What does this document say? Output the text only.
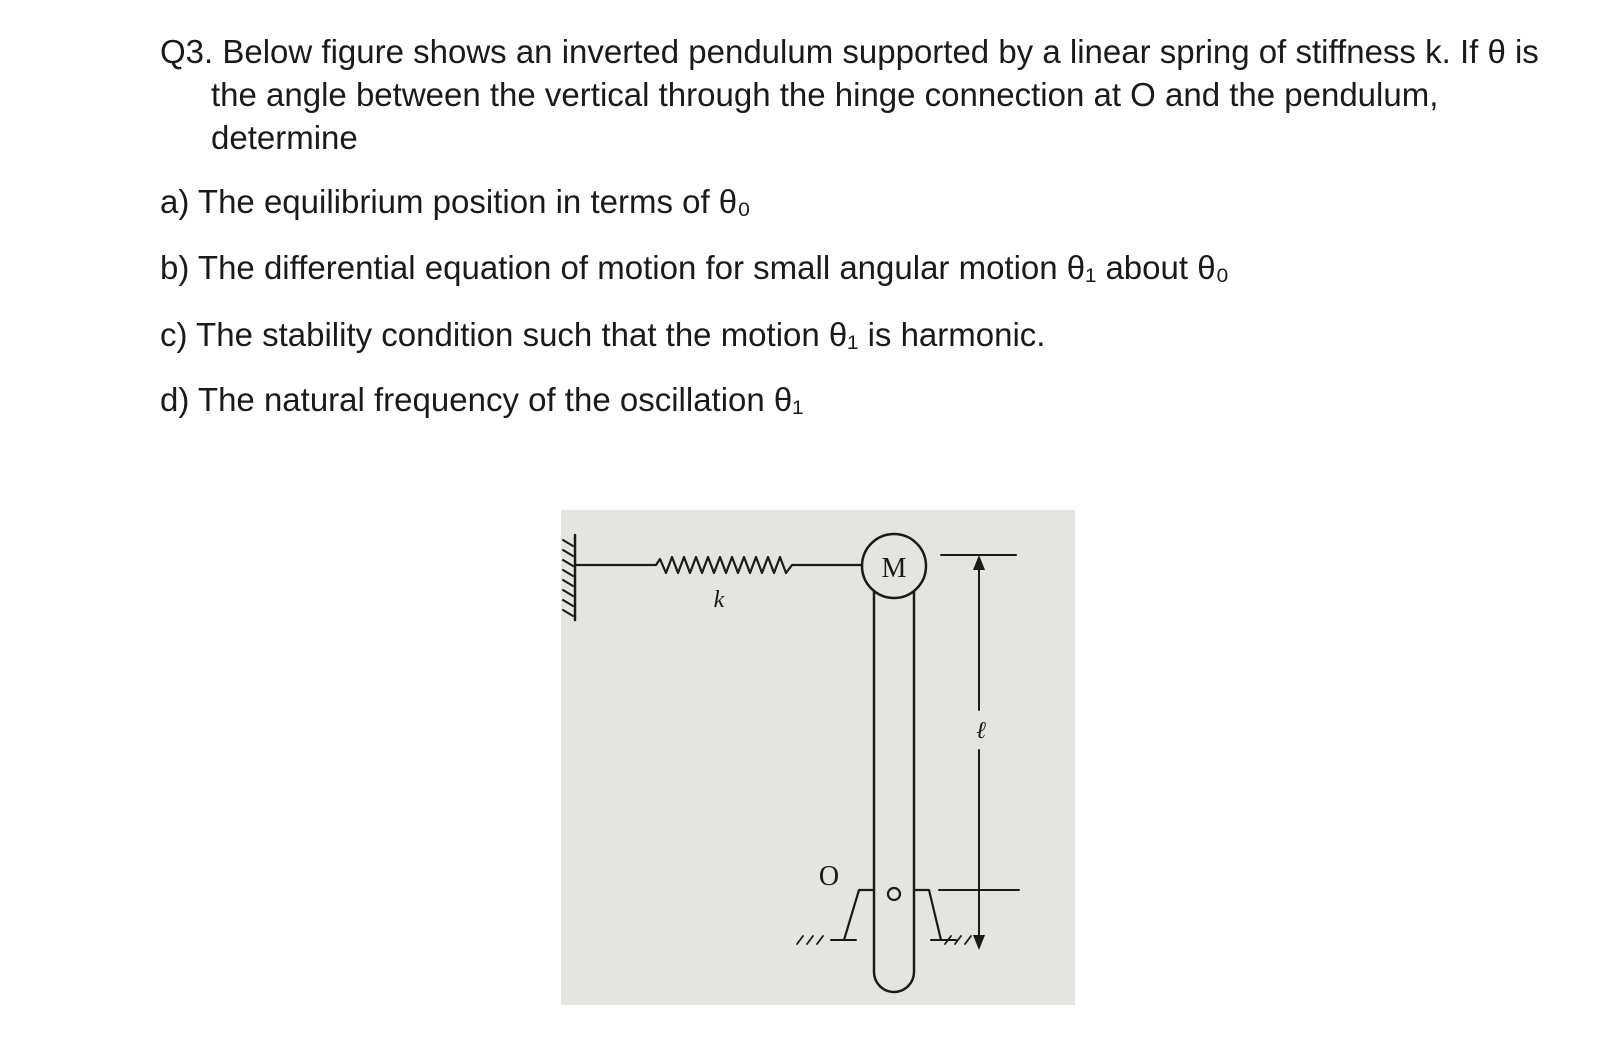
Q3. Below figure shows an inverted pendulum supported by a linear spring of stiffness k. If θ is the angle between the vertical through the hinge connection at O and the pendulum, determine
a) The equilibrium position in terms of θ₀
b) The differential equation of motion for small angular motion θ₁ about θ₀
c) The stability condition such that the motion θ₁ is harmonic.
d) The natural frequency of the oscillation θ₁
M
k
O
ℓ
